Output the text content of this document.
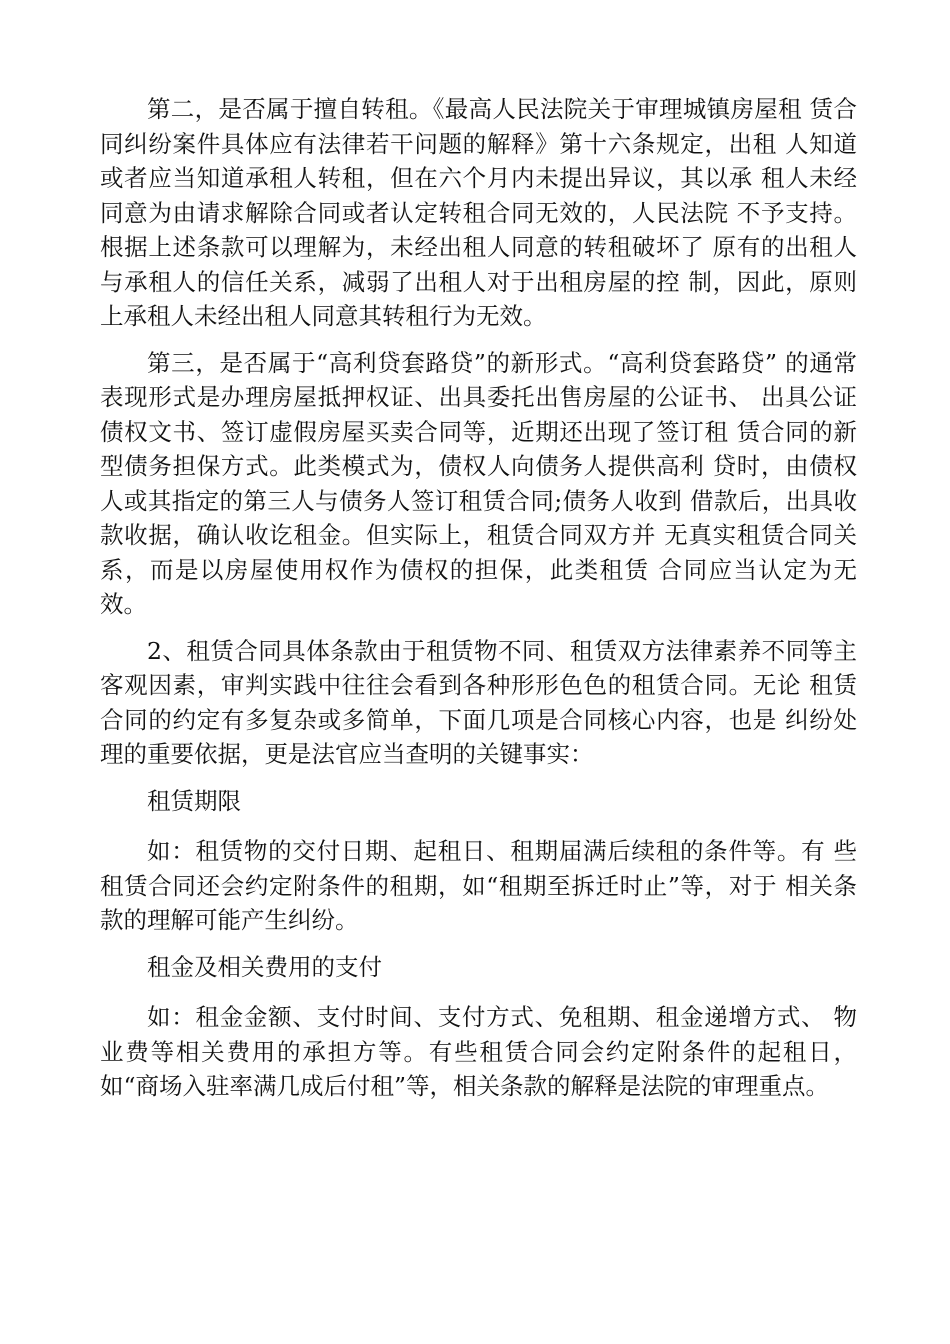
第二，是否属于擅自转租。《最高人民法院关于审理城镇房屋租 赁合同纠纷案件具体应有法律若干问题的解释》第十六条规定，出租 人知道或者应当知道承租人转租，但在六个月内未提出异议，其以承 租人未经同意为由请求解除合同或者认定转租合同无效的，人民法院 不予支持。根据上述条款可以理解为，未经出租人同意的转租破坏了 原有的出租人与承租人的信任关系，减弱了出租人对于出租房屋的控 制，因此，原则上承租人未经出租人同意其转租行为无效。

第三，是否属于“高利贷套路贷”的新形式。“高利贷套路贷” 的通常表现形式是办理房屋抵押权证、出具委托出售房屋的公证书、 出具公证债权文书、签订虚假房屋买卖合同等，近期还出现了签订租 赁合同的新型债务担保方式。此类模式为，债权人向债务人提供高利 贷时，由债权人或其指定的第三人与债务人签订租赁合同;债务人收到 借款后，出具收款收据，确认收讫租金。但实际上，租赁合同双方并 无真实租赁合同关系，而是以房屋使用权作为债权的担保，此类租赁 合同应当认定为无效。

2、租赁合同具体条款由于租赁物不同、租赁双方法律素养不同等主客观因素，审判实践中往往会看到各种形形色色的租赁合同。无论 租赁合同的约定有多复杂或多简单，下面几项是合同核心内容，也是 纠纷处理的重要依据，更是法官应当查明的关键事实：

租赁期限

如：租赁物的交付日期、起租日、租期届满后续租的条件等。有 些租赁合同还会约定附条件的租期，如“租期至拆迁时止”等，对于 相关条款的理解可能产生纠纷。

租金及相关费用的支付

如：租金金额、支付时间、支付方式、免租期、租金递增方式、 物业费等相关费用的承担方等。有些租赁合同会约定附条件的起租日，如“商场入驻率满几成后付租”等，相关条款的解释是法院的审理重点。
